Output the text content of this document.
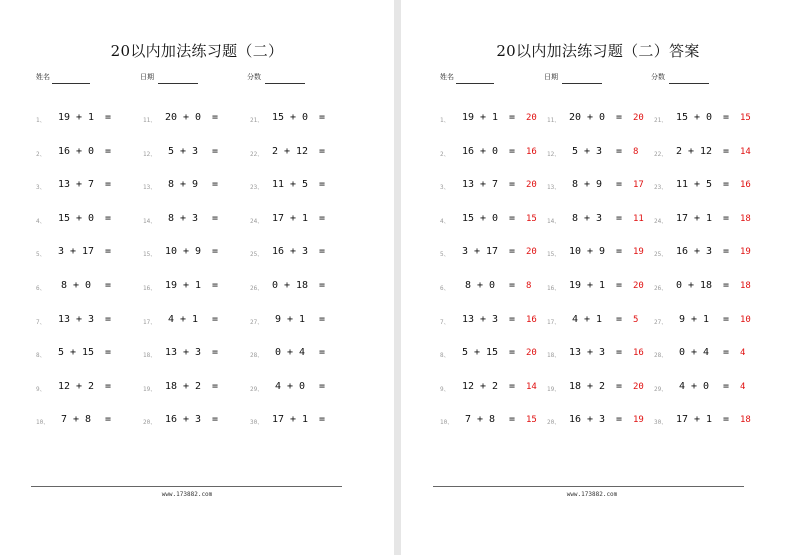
20以内加法练习题（二）
姓名	日期	分数
1、	19 + 1	=
2、	16 + 0	=
3、	13 + 7	=
4、	15 + 0	=
5、	3 + 17	=
6、	8 + 0	=
7、	13 + 3	=
8、	5 + 15	=
9、	12 + 2	=
10、	7 + 8	=
11、 20 + 0	=
12、	5 + 3	=
13、	8 + 9	=
14、	8 + 3	=
15、 10 + 9	=
16、 19 + 1	=
17、	4 + 1	=
18、 13 + 3	=
19、 18 + 2	=
20、 16 + 3	=
21、 15 + 0	=
22、 2 + 12	=
23、 11 + 5	=
24、 17 + 1	=
25、 16 + 3	=
26、 0 + 18	=
27、	9 + 1	=
28、	0 + 4	=
29、	4 + 0	=
30、 17 + 1	=
www.173882.com
20以内加法练习题（二）答案
姓名	日期	分数
1、	19 + 1	= 20
2、	16 + 0	= 16
3、	13 + 7	= 20
4、	15 + 0	= 15
5、	3 + 17	= 20
6、	8 + 0	= 8
7、	13 + 3	= 16
8、	5 + 15	= 20
9、	12 + 2	= 14
10、	7 + 8	= 15
11、 20 + 0	= 20
12、	5 + 3	= 8
13、	8 + 9	= 17
14、	8 + 3	= 11
15、 10 + 9	= 19
16、 19 + 1	= 20
17、	4 + 1	= 5
18、 13 + 3	= 16
19、 18 + 2	= 20
20、 16 + 3	= 19
21、 15 + 0	= 15
22、 2 + 12	= 14
23、 11 + 5	= 16
24、 17 + 1	= 18
25、 16 + 3	= 19
26、 0 + 18	= 18
27、	9 + 1	= 10
28、	0 + 4	= 4
29、	4 + 0	= 4
30、 17 + 1	= 18
www.173882.com
